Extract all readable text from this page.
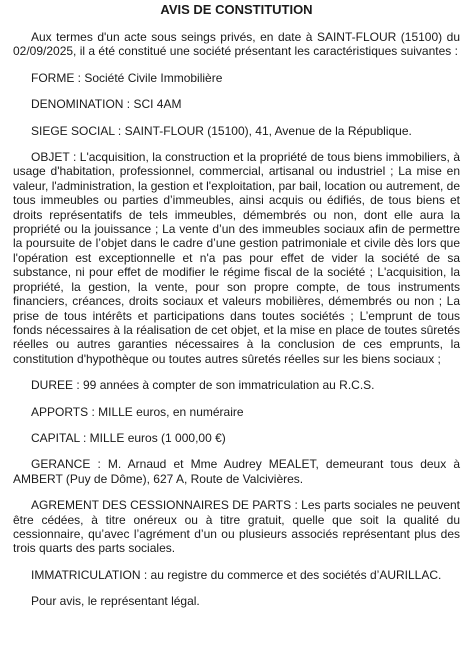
AVIS DE CONSTITUTION

Aux termes d'un acte sous seings privés, en date à SAINT-FLOUR (15100) du 02/09/2025, il a été constitué une société présentant les caractéristiques suivantes :

FORME : Société Civile Immobilière

DENOMINATION : SCI 4AM

SIEGE SOCIAL : SAINT-FLOUR (15100), 41, Avenue de la République.

OBJET : L'acquisition, la construction et la propriété de tous biens immobiliers, à usage d'habitation, professionnel, commercial, artisanal ou industriel ; La mise en valeur, l'administration, la gestion et l'exploitation, par bail, location ou autrement, de tous immeubles ou parties d’immeubles, ainsi acquis ou édifiés, de tous biens et droits représentatifs de tels immeubles, démembrés ou non, dont elle aura la propriété ou la jouissance ; La vente d’un des immeubles sociaux afin de permettre la poursuite de l’objet dans le cadre d’une gestion patrimoniale et civile dès lors que l'opération est exceptionnelle et n'a pas pour effet de vider la société de sa substance, ni pour effet de modifier le régime fiscal de la société ; L'acquisition, la propriété, la gestion, la vente, pour son propre compte, de tous instruments financiers, créances, droits sociaux et valeurs mobilières, démembrés ou non ; La prise de tous intérêts et participations dans toutes sociétés ; L’emprunt de tous fonds nécessaires à la réalisation de cet objet, et la mise en place de toutes sûretés réelles ou autres garanties nécessaires à la conclusion de ces emprunts, la constitution d'hypothèque ou toutes autres sûretés réelles sur les biens sociaux ;

DUREE : 99 années à compter de son immatriculation au R.C.S.

APPORTS : MILLE euros, en numéraire

CAPITAL : MILLE euros (1 000,00 €)

GERANCE : M. Arnaud et Mme Audrey MEALET, demeurant tous deux à AMBERT (Puy de Dôme), 627 A, Route de Valcivières.

AGREMENT DES CESSIONNAIRES DE PARTS : Les parts sociales ne peuvent être cédées, à titre onéreux ou à titre gratuit, quelle que soit la qualité du cessionnaire, qu’avec l’agrément d’un ou plusieurs associés représentant plus des trois quarts des parts sociales.

IMMATRICULATION : au registre du commerce et des sociétés d’AURILLAC.

Pour avis, le représentant légal.
